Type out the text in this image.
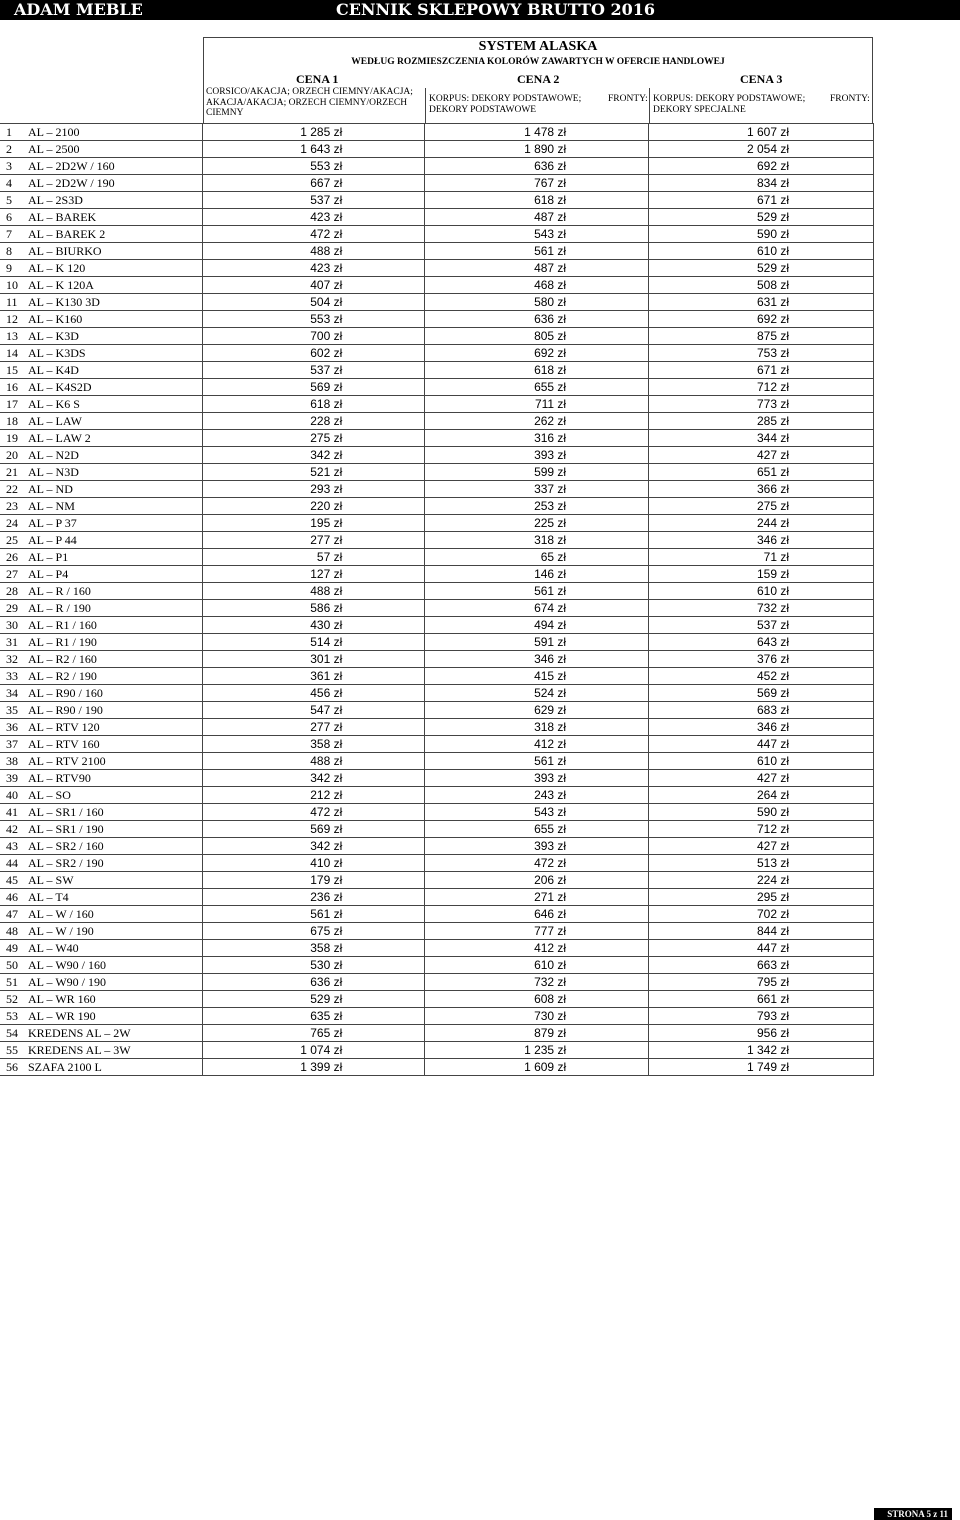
ADAM MEBLE	CENNIK SKLEPOWY BRUTTO 2016
SYSTEM ALASKA
WEDŁUG ROZMIESZCZENIA KOLORÓW ZAWARTYCH W OFERCIE HANDLOWEJ
CENA 1	CENA 2	CENA 3
CORSICO/AKACJA; ORZECH CIEMNY/AKACJA; AKACJA/AKACJA; ORZECH CIEMNY/ORZECH CIEMNY
KORPUS: DEKORY PODSTAWOWE;	FRONTY:
DEKORY PODSTAWOWE
KORPUS: DEKORY PODSTAWOWE;	FRONTY:
DEKORY SPECJALNE
1 AL – 2100	1 285 zł	1 478 zł	1 607 zł
2 AL – 2500	1 643 zł	1 890 zł	2 054 zł
3 AL – 2D2W / 160	553 zł	636 zł	692 zł
4 AL – 2D2W / 190	667 zł	767 zł	834 zł
5 AL – 2S3D	537 zł	618 zł	671 zł
6 AL – BAREK	423 zł	487 zł	529 zł
7 AL – BAREK 2	472 zł	543 zł	590 zł
8 AL – BIURKO	488 zł	561 zł	610 zł
9 AL – K 120	423 zł	487 zł	529 zł
10 AL – K 120A	407 zł	468 zł	508 zł
11 AL – K130 3D	504 zł	580 zł	631 zł
12 AL – K160	553 zł	636 zł	692 zł
13 AL – K3D	700 zł	805 zł	875 zł
14 AL – K3DS	602 zł	692 zł	753 zł
15 AL – K4D	537 zł	618 zł	671 zł
16 AL – K4S2D	569 zł	655 zł	712 zł
17 AL – K6 S	618 zł	711 zł	773 zł
18 AL – LAW	228 zł	262 zł	285 zł
19 AL – LAW 2	275 zł	316 zł	344 zł
20 AL – N2D	342 zł	393 zł	427 zł
21 AL – N3D	521 zł	599 zł	651 zł
22 AL – ND	293 zł	337 zł	366 zł
23 AL – NM	220 zł	253 zł	275 zł
24 AL – P 37	195 zł	225 zł	244 zł
25 AL – P 44	277 zł	318 zł	346 zł
26 AL – P1	57 zł	65 zł	71 zł
27 AL – P4	127 zł	146 zł	159 zł
28 AL – R / 160	488 zł	561 zł	610 zł
29 AL – R / 190	586 zł	674 zł	732 zł
30 AL – R1 / 160	430 zł	494 zł	537 zł
31 AL – R1 / 190	514 zł	591 zł	643 zł
32 AL – R2 / 160	301 zł	346 zł	376 zł
33 AL – R2 / 190	361 zł	415 zł	452 zł
34 AL – R90 / 160	456 zł	524 zł	569 zł
35 AL – R90 / 190	547 zł	629 zł	683 zł
36 AL – RTV 120	277 zł	318 zł	346 zł
37 AL – RTV 160	358 zł	412 zł	447 zł
38 AL – RTV 2100	488 zł	561 zł	610 zł
39 AL – RTV90	342 zł	393 zł	427 zł
40 AL – SO	212 zł	243 zł	264 zł
41 AL – SR1 / 160	472 zł	543 zł	590 zł
42 AL – SR1 / 190	569 zł	655 zł	712 zł
43 AL – SR2 / 160	342 zł	393 zł	427 zł
44 AL – SR2 / 190	410 zł	472 zł	513 zł
45 AL – SW	179 zł	206 zł	224 zł
46 AL – T4	236 zł	271 zł	295 zł
47 AL – W / 160	561 zł	646 zł	702 zł
48 AL – W / 190	675 zł	777 zł	844 zł
49 AL – W40	358 zł	412 zł	447 zł
50 AL – W90 / 160	530 zł	610 zł	663 zł
51 AL – W90 / 190	636 zł	732 zł	795 zł
52 AL – WR 160	529 zł	608 zł	661 zł
53 AL – WR 190	635 zł	730 zł	793 zł
54 KREDENS AL – 2W	765 zł	879 zł	956 zł
55 KREDENS AL – 3W	1 074 zł	1 235 zł	1 342 zł
56 SZAFA 2100 L	1 399 zł	1 609 zł	1 749 zł
STRONA 5 z 11
